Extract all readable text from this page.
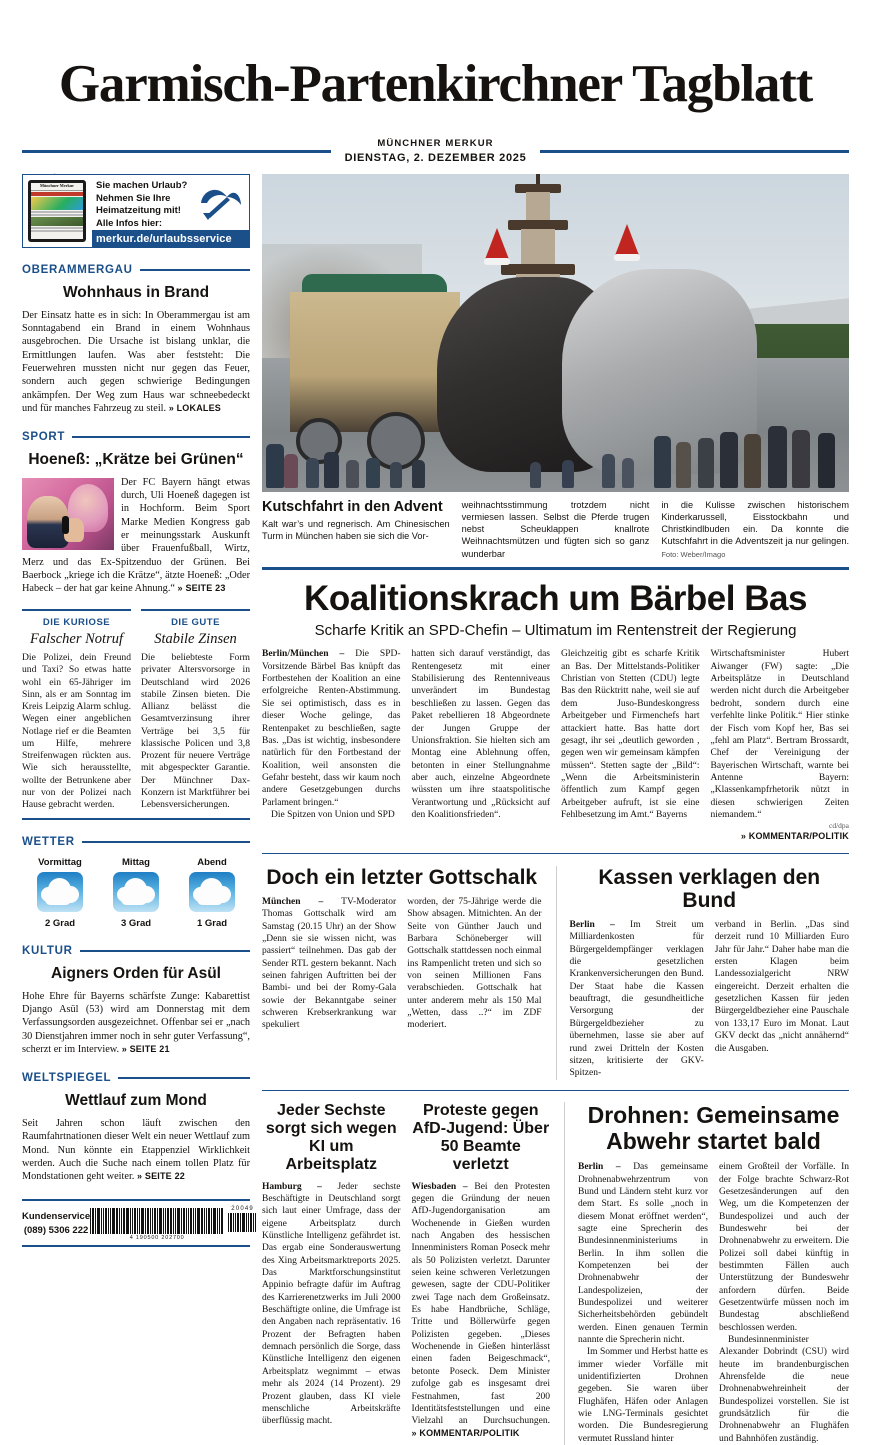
Garmisch-Partenkirchner Tagblatt
MÜNCHNER MERKUR
DIENSTAG, 2. DEZEMBER 2025
Münchner Merkur	Sie machen Urlaub?
Nehmen Sie Ihre
Heimatzeitung mit!
Alle Infos hier:
merkur.de/urlaubsservice
OBERAMMERGAU
Wohnhaus in Brand
Der Einsatz hatte es in sich: In Oberammergau ist am Sonntagabend ein Brand in einem Wohnhaus ausgebrochen. Die Ursache ist bislang unklar, die Ermittlungen laufen. Was aber feststeht: Die Feuerwehren mussten nicht nur gegen das Feuer, sondern auch gegen schwierige Bedingungen ankämpfen. Der Weg zum Haus war schneebedeckt und für manches Fahrzeug zu steil. » LOKALES
SPORT
Hoeneß: „Krätze bei Grünen“
Der FC Bayern hängt etwas durch, Uli Hoeneß dagegen ist in Hochform. Beim Sport Marke Medien Kongress gab er meinungsstark Auskunft über Frauenfußball, Wirtz, Merz und das Ex-Spitzenduo der Grünen. Bei Baerbock „kriege ich die Krätze“, ätzte Hoeneß: „Oder Habeck – der hat gar keine Ahnung.“ » SEITE 23
DIE KURIOSE
Falscher Notruf
Die Polizei, dein Freund und Taxi? So etwas hatte wohl ein 65-Jähriger im Sinn, als er am Sonntag im Kreis Leipzig Alarm schlug. Wegen einer angeblichen Notlage rief er die Beamten um Hilfe, mehrere Streifenwagen rückten aus. Wie sich herausstellte, wollte der Betrunkene aber nur von der Polizei nach Hause gebracht werden.
DIE GUTE
Stabile Zinsen
Die beliebteste Form privater Altersvorsorge in Deutschland wird 2026 stabile Zinsen bieten. Die Allianz belässt die Gesamtverzinsung ihrer Verträge bei 3,5 für klassische Policen und 3,8 Prozent für neuere Verträge mit abgespeckter Garantie. Der Münchner Dax-Konzern ist Marktführer bei Lebensversicherungen.
WETTER
Vormittag
2 Grad
Mittag
3 Grad
Abend
1 Grad
KULTUR
Aigners Orden für Asül
Hohe Ehre für Bayerns schärfste Zunge: Kabarettist Django Asül (53) wird am Donnerstag mit dem Verfassungsorden ausgezeichnet. Offenbar sei er „nach 30 Dienstjahren immer noch in sehr guter Verfassung“, scherzt er im Interview. » SEITE 21
WELTSPIEGEL
Wettlauf zum Mond
Seit Jahren schon läuft zwischen den Raumfahrtnationen dieser Welt ein neuer Wettlauf zum Mond. Nun könnte ein Etappenziel Wirklichkeit werden. Auch die Suche nach einem tollen Platz für Mondstationen geht weiter. » SEITE 22
Kundenservice
(089) 5306 222
4 190500 202700
20049
Kutschfahrt in den Advent
Kalt war’s und regnerisch. Am Chinesischen Turm in München haben sie sich die Vor-
weihnachtsstimmung trotzdem nicht vermiesen lassen. Selbst die Pferde trugen nebst Scheuklappen knallrote Weihnachtsmützen und fügten sich so ganz wunderbar
in die Kulisse zwischen historischem Kinderkarussell, Eisstockbahn und Christkindlbuden ein. Da konnte die Kutschfahrt in die Adventszeit ja nur gelingen. Foto: Weber/Imago
Koalitionskrach um Bärbel Bas
Scharfe Kritik an SPD-Chefin – Ultimatum im Rentenstreit der Regierung

Berlin/München – Die SPD-Vorsitzende Bärbel Bas knüpft das Fortbestehen der Koalition an eine erfolgreiche Renten-Abstimmung. Sie sei optimistisch, dass es in dieser Woche gelinge, das Rentenpaket zu beschließen, sagte Bas. „Das ist wichtig, insbesondere natürlich für den Fortbestand der Koalition, weil ansonsten die Gefahr besteht, dass wir kaum noch andere Gesetzgebungen durchs Parlament bringen.“

Die Spitzen von Union und SPD

hatten sich darauf verständigt, das Rentengesetz mit einer Stabilisierung des Rentenniveaus unverändert im Bundestag beschließen zu lassen. Gegen das Paket rebellieren 18 Abgeordnete der Jungen Gruppe der Unionsfraktion. Sie hielten sich am Montag eine Ablehnung offen, betonten in einer Stellungnahme aber auch, einzelne Abgeordnete wüssten um ihre staatspolitische Verantwortung und „Rücksicht auf den Koalitionsfrieden“.

Gleichzeitig gibt es scharfe Kritik an Bas. Der Mittelstands-Politiker Christian von Stetten (CDU) legte Bas den Rücktritt nahe, weil sie auf dem Juso-Bundeskongress Arbeitgeber und Firmenchefs hart attackiert hatte. Bas hatte dort gesagt, ihr sei „deutlich geworden , gegen wen wir gemeinsam kämpfen müssen“. Stetten sagte der „Bild“: „Wenn die Arbeitsministerin öffentlich zum Kampf gegen Arbeitgeber aufruft, ist sie eine Fehlbesetzung im Amt.“ Bayerns

Wirtschaftsminister Hubert Aiwanger (FW) sagte: „Die Arbeitsplätze in Deutschland werden nicht durch die Arbeitgeber bedroht, sondern durch eine verfehlte linke Politik.“ Hier stinke der Fisch vom Kopf her, Bas sei „fehl am Platz“. Bertram Brossardt, Chef der Vereinigung der Bayerischen Wirtschaft, warnte bei Antenne Bayern: „Klassenkampfrhetorik nützt in diesen schwierigen Zeiten niemandem.“

cd/dpa
» KOMMENTAR/POLITIK
Doch ein letzter Gottschalk

München – TV-Moderator Thomas Gottschalk wird am Samstag (20.15 Uhr) an der Show „Denn sie sie wissen nicht, was passiert“ teilnehmen. Das gab der Sender RTL gestern bekannt. Nach seinen fahrigen Auftritten bei der Bambi- und bei der Romy-Gala sowie der Bekanntgabe seiner schweren Krebserkrankung war spekuliert

worden, der 75-Jährige werde die Show absagen. Mitnichten. An der Seite von Günther Jauch und Barbara Schöneberger will Gottschalk stattdessen noch einmal ins Rampenlicht treten und sich so von seinen Millionen Fans verabschieden. Gottschalk hat unter anderem mehr als 150 Mal „Wetten, dass ..?“ im ZDF moderiert.

Kassen verklagen den Bund

Berlin – Im Streit um Milliardenkosten für Bürgergeldempfänger verklagen die gesetzlichen Krankenversicherungen den Bund. Der Staat habe die Kassen beauftragt, die gesundheitliche Versorgung der Bürgergeldbezieher zu übernehmen, lasse sie aber auf rund zwei Dritteln der Kosten sitzen, kritisierte der GKV-Spitzen-

verband in Berlin. „Das sind derzeit rund 10 Milliarden Euro Jahr für Jahr.“ Daher habe man die ersten Klagen beim Landessozialgericht NRW eingereicht. Derzeit erhalten die gesetzlichen Kassen für jeden Bürgergeldbezieher eine Pauschale von 133,17 Euro im Monat. Laut GKV deckt das „nicht annähernd“ die Ausgaben.

Jeder Sechste sorgt sich wegen KI um Arbeitsplatz

Hamburg – Jeder sechste Beschäftigte in Deutschland sorgt sich laut einer Umfrage, dass der eigene Arbeitsplatz durch Künstliche Intelligenz gefährdet ist. Das ergab eine Sonderauswertung des Xing Arbeitsmarktreports 2025. Das Marktforschungsinstitut Appinio befragte dafür im Auftrag des Karrierenetzwerks im Juli 2000 Beschäftigte online, die Umfrage ist den Angaben nach repräsentativ. 16 Prozent der Befragten haben demnach persönlich die Sorge, dass Künstliche Intelligenz den eigenen Arbeitsplatz wegnimmt – etwas mehr als 2024 (14 Prozent). 29 Prozent glauben, dass KI viele menschliche Arbeitskräfte überflüssig macht.

Proteste gegen AfD-Jugend: Über 50 Beamte verletzt

Wiesbaden – Bei den Protesten gegen die Gründung der neuen AfD-Jugendorganisation am Wochenende in Gießen wurden nach Angaben des hessischen Innenministers Roman Poseck mehr als 50 Polizisten verletzt. Darunter seien keine schweren Verletzungen gewesen, sagte der CDU-Politiker zwei Tage nach dem Großeinsatz. Es habe Handbrüche, Schläge, Tritte und Böllerwürfe gegen Polizisten gegeben. „Dieses Wochenende in Gießen hinterlässt einen faden Beigeschmack“, betonte Poseck. Dem Minister zufolge gab es insgesamt drei Festnahmen, fast 200 Identitätsfeststellungen und eine Vielzahl an Durchsuchungen. » KOMMENTAR/POLITIK

Drohnen: Gemeinsame Abwehr startet bald

Berlin – Das gemeinsame Drohnenabwehrzentrum von Bund und Ländern steht kurz vor dem Start. Es solle „noch in diesem Monat eröffnet werden“, sagte eine Sprecherin des Bundesinnenministeriums in Berlin. In ihm sollen die Kompetenzen bei der Drohnenabwehr der Landespolizeien, der Bundespolizei und weiterer Sicherheitsbehörden gebündelt werden. Einen genauen Termin nannte die Sprecherin nicht.

Im Sommer und Herbst hatte es immer wieder Vorfälle mit unidentifizierten Drohnen gegeben. Sie waren über Flughäfen, Häfen oder Anlagen wie LNG-Terminals gesichtet worden. Die Bundesregierung vermutet Russland hinter

einem Großteil der Vorfälle. In der Folge brachte Schwarz-Rot Gesetzesänderungen auf den Weg, um die Kompetenzen der Bundespolizei und auch der Bundeswehr bei der Drohnenabwehr zu erweitern. Die Polizei soll dabei künftig in bestimmten Fällen auch Unterstützung der Bundeswehr anfordern dürfen. Beide Gesetzentwürfe müssen noch im Bundestag abschließend beschlossen werden.

Bundesinnenminister Alexander Dobrindt (CSU) wird heute im brandenburgischen Ahrensfelde die neue Drohnenabwehreinheit der Bundespolizei vorstellen. Sie ist grundsätzlich für die Drohnenabwehr an Flughäfen und Bahnhöfen zuständig.
